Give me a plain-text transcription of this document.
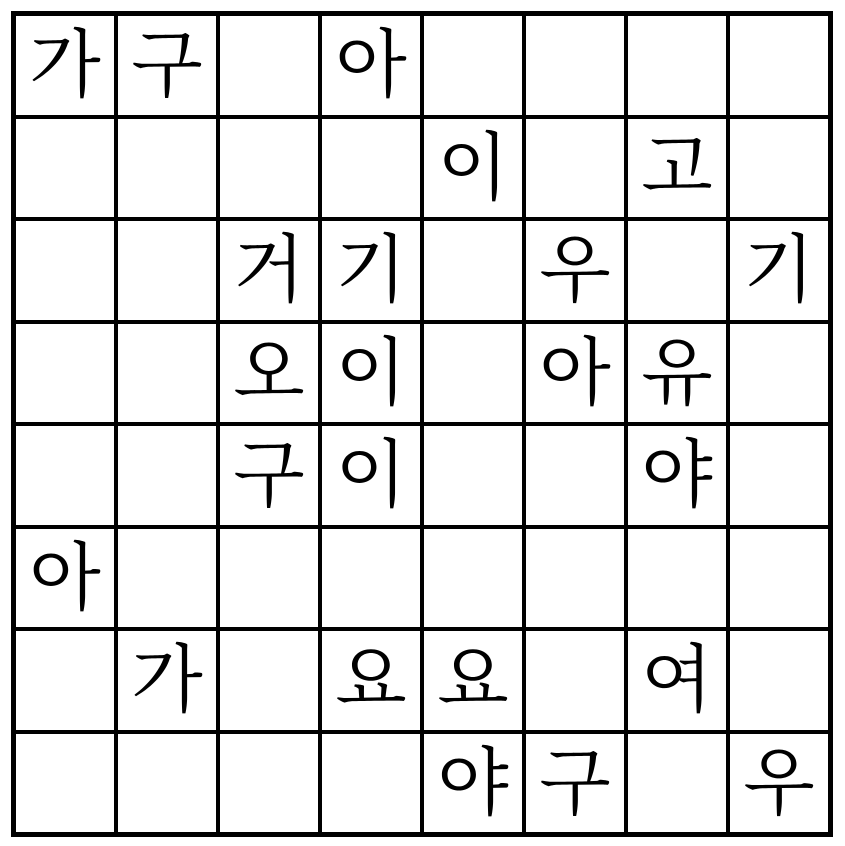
가 구 아
이 고
거 기 우 기
오 이 아 유
구 이	야
아
가 요 요 여
야 구 우
